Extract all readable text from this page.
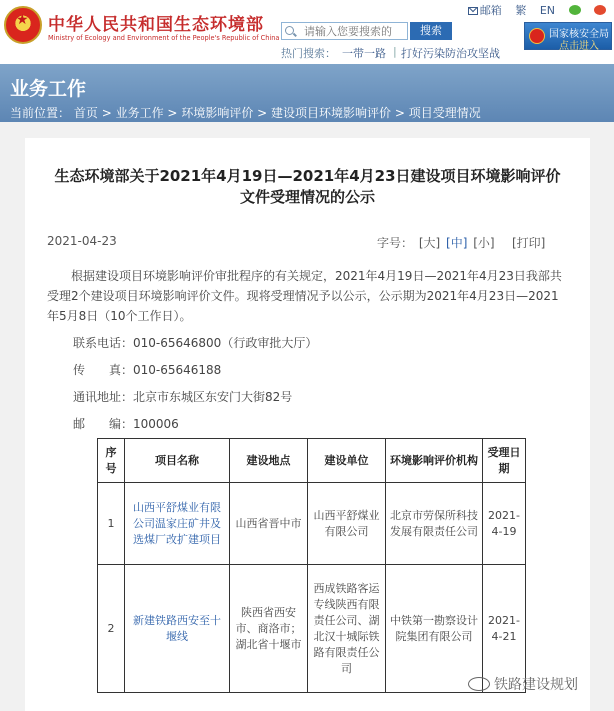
★
中华人民共和国生态环境部
Ministry of Ecology and Environment of the People's Republic of China
请输入您要搜索的
搜索
热门搜索： 一带一路 | 打好污染防治攻坚战
邮箱 繁 EN
国家核安全局
点击进入
业务工作
当前位置： 首页 > 业务工作 > 环境影响评价 > 建设项目环境影响评价 > 项目受理情况
生态环境部关于2021年4月19日—2021年4月23日建设项目环境影响评价
文件受理情况的公示
2021-04-23	字号： [大] [中] [小] [打印]
根据建设项目环境影响评价审批程序的有关规定，2021年4月19日—2021年4月23日我部共受理2个建设项目环境影响评价文件。现将受理情况予以公示，公示期为2021年4月23日—2021年5月8日（10个工作日）。
联系电话：010-65646800（行政审批大厅）
传　　真：010-65646188
通讯地址：北京市东城区东安门大街82号
邮　　编：100006
序号	项目名称	建设地点	建设单位	环境影响评价机构	受理日期
1	山西平舒煤业有限公司温家庄矿井及选煤厂改扩建项目	山西省晋中市	山西平舒煤业有限公司	北京市劳保所科技发展有限责任公司	2021-4-19
2	新建铁路西安至十堰线	陕西省西安市、商洛市；湖北省十堰市	西成铁路客运专线陕西有限责任公司、湖北汉十城际铁路有限责任公司	中铁第一勘察设计院集团有限公司	2021-4-21
铁路建设规划
